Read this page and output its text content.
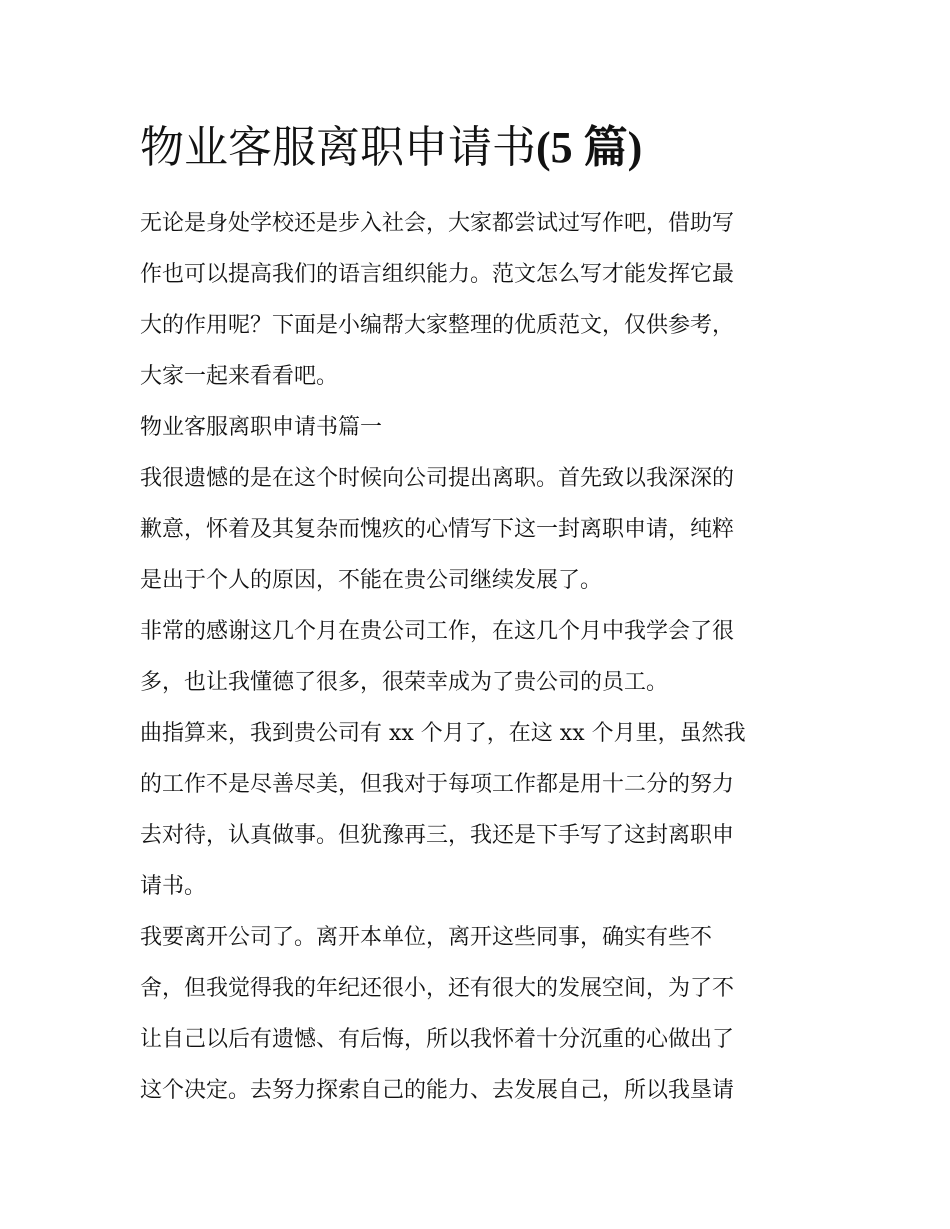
物业客服离职申请书(5 篇)

无论是身处学校还是步入社会，大家都尝试过写作吧，借助写

作也可以提高我们的语言组织能力。范文怎么写才能发挥它最

大的作用呢？下面是小编帮大家整理的优质范文，仅供参考，

大家一起来看看吧。

物业客服离职申请书篇一

我很遗憾的是在这个时候向公司提出离职。首先致以我深深的

歉意，怀着及其复杂而愧疚的心情写下这一封离职申请，纯粹

是出于个人的原因，不能在贵公司继续发展了。

非常的感谢这几个月在贵公司工作，在这几个月中我学会了很

多，也让我懂德了很多，很荣幸成为了贵公司的员工。

曲指算来，我到贵公司有 xx 个月了，在这 xx 个月里，虽然我

的工作不是尽善尽美，但我对于每项工作都是用十二分的努力

去对待，认真做事。但犹豫再三，我还是下手写了这封离职申

请书。

我要离开公司了。离开本单位，离开这些同事，确实有些不

舍，但我觉得我的年纪还很小，还有很大的发展空间，为了不

让自己以后有遗憾、有后悔，所以我怀着十分沉重的心做出了

这个决定。去努力探索自己的能力、去发展自己，所以我垦请
